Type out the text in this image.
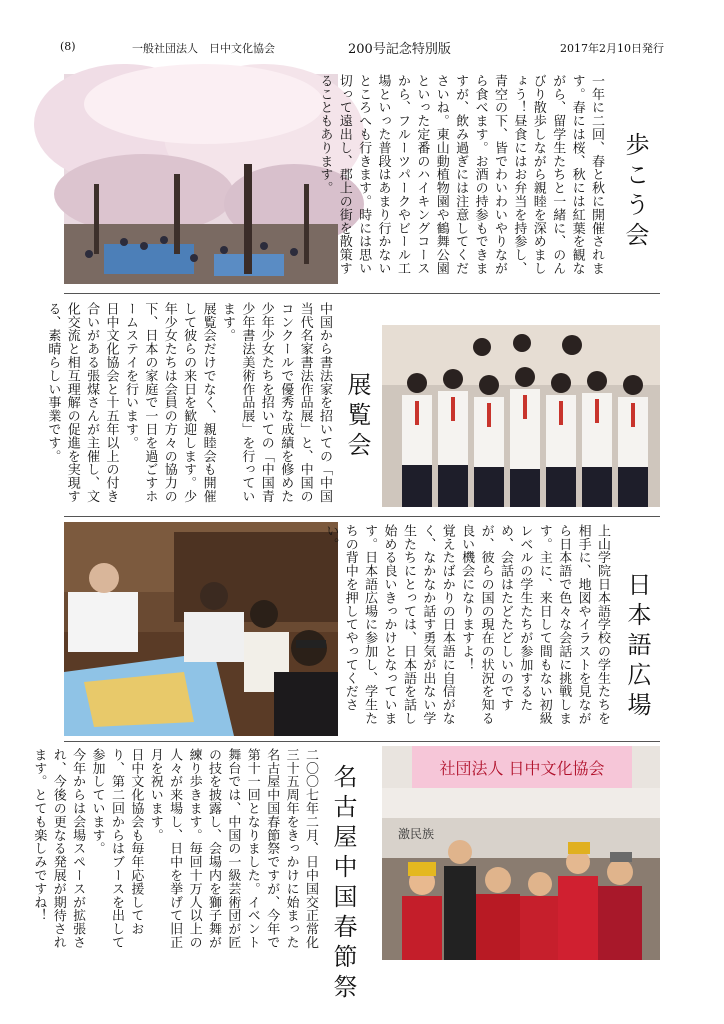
(8)	一般社団法人　日中文化協会	200号記念特別版	2017年2月10日発行
一年に二回、春と秋に開催されます。春には桜、秋には紅葉を観ながら、留学生たちと一緒に、のんびり散歩しながら親睦を深めましょう！昼食にはお弁当を持参し、青空の下、皆でわいわいやりながら食べます。お酒の持参もできますが、飲み過ぎには注意してくださいね。東山動植物園や鶴舞公園といった定番のハイキングコースから、フルーツパークやビール工場といった普段はあまり行かないところへも行きます。時には思い切って遠出し、郡上の街を散策することもあります。	歩こう会
中国から書法家を招いての「中国当代名家書法作品展」と、中国のコンクールで優秀な成績を修めた少年少女たちを招いての「中国青少年書法美術作品展」を行っています。
展覧会だけでなく、親睦会も開催して彼らの来日を歓迎します。少年少女たちは会員の方々の協力の下、日本の家庭で一日を過ごすホームステイを行います。
日中文化協会と十五年以上の付き合いがある張煤さんが主催し、文化交流と相互理解の促進を実現する、素晴らしい事業です。	展覧会
上山学院日本語学校の学生たちを相手に、地図やイラストを見ながら日本語で色々な会話に挑戦します。主に、来日して間もない初級レベルの学生たちが参加するため、会話はたどたどしいのですが、彼らの国の現在の状況を知る良い機会になりますよ！
覚えたばかりの日本語に自信がなく、なかなか話す勇気が出ない学生たちにとっては、日本語を話し始める良いきっかけとなっています。日本語広場に参加し、学生たちの背中を押してやってください。
日本語広場
二〇〇七年二月、日中国交正常化三十五周年をきっかけに始まった名古屋中国春節祭ですが、今年で第十一回となりました。イベント舞台では、中国の一級芸術団が匠の技を披露し、会場内を獅子舞が練り歩きます。毎回十万人以上の人々が来場し、日中を挙げて旧正月を祝います。
日中文化協会も毎年応援しており、第二回からはブースを出して参加しています。
今年からは会場スペースが拡張され、今後の更なる発展が期待されます。とても楽しみですね！	名古屋中国春節祭	社団法人 日中文化協会
激民族
